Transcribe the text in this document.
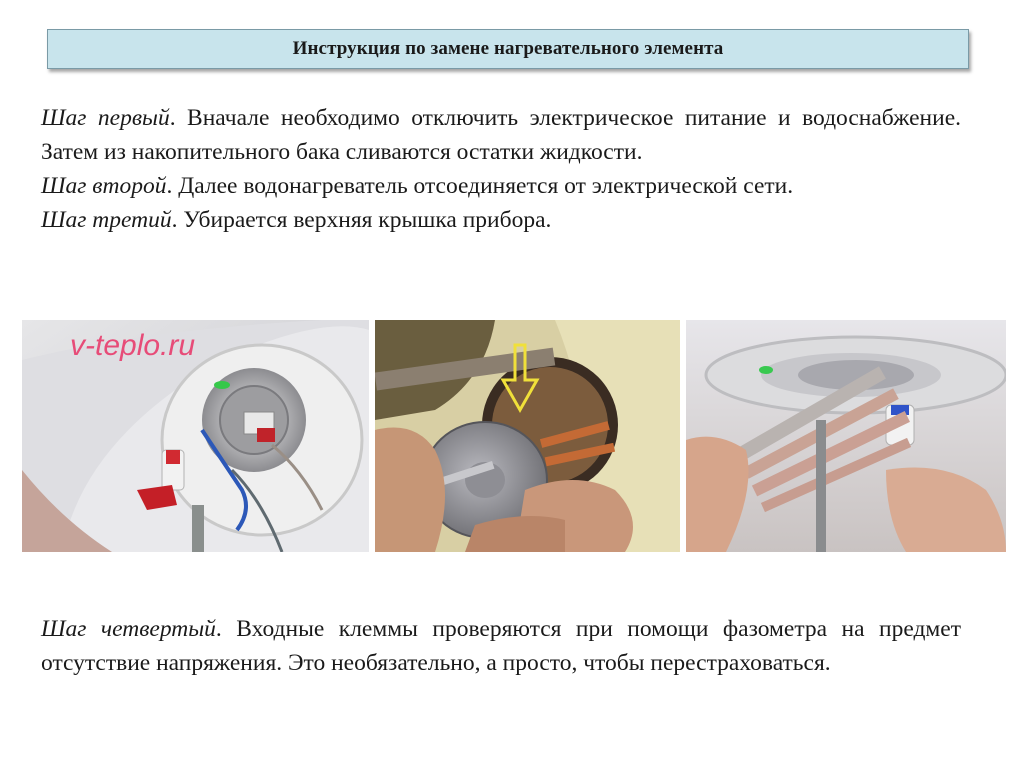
Инструкция по замене нагревательного элемента

Шаг первый. Вначале необходимо отключить электрическое питание и водоснабжение. Затем из накопительного бака сливаются остатки жидкости.

Шаг второй. Далее водонагреватель отсоединяется от электрической сети.

Шаг третий. Убирается верхняя крышка прибора.

v-teplo.ru

Шаг четвертый. Входные клеммы проверяются при помощи фазометра на предмет отсутствие напряжения. Это необязательно, а просто, чтобы перестраховаться.
